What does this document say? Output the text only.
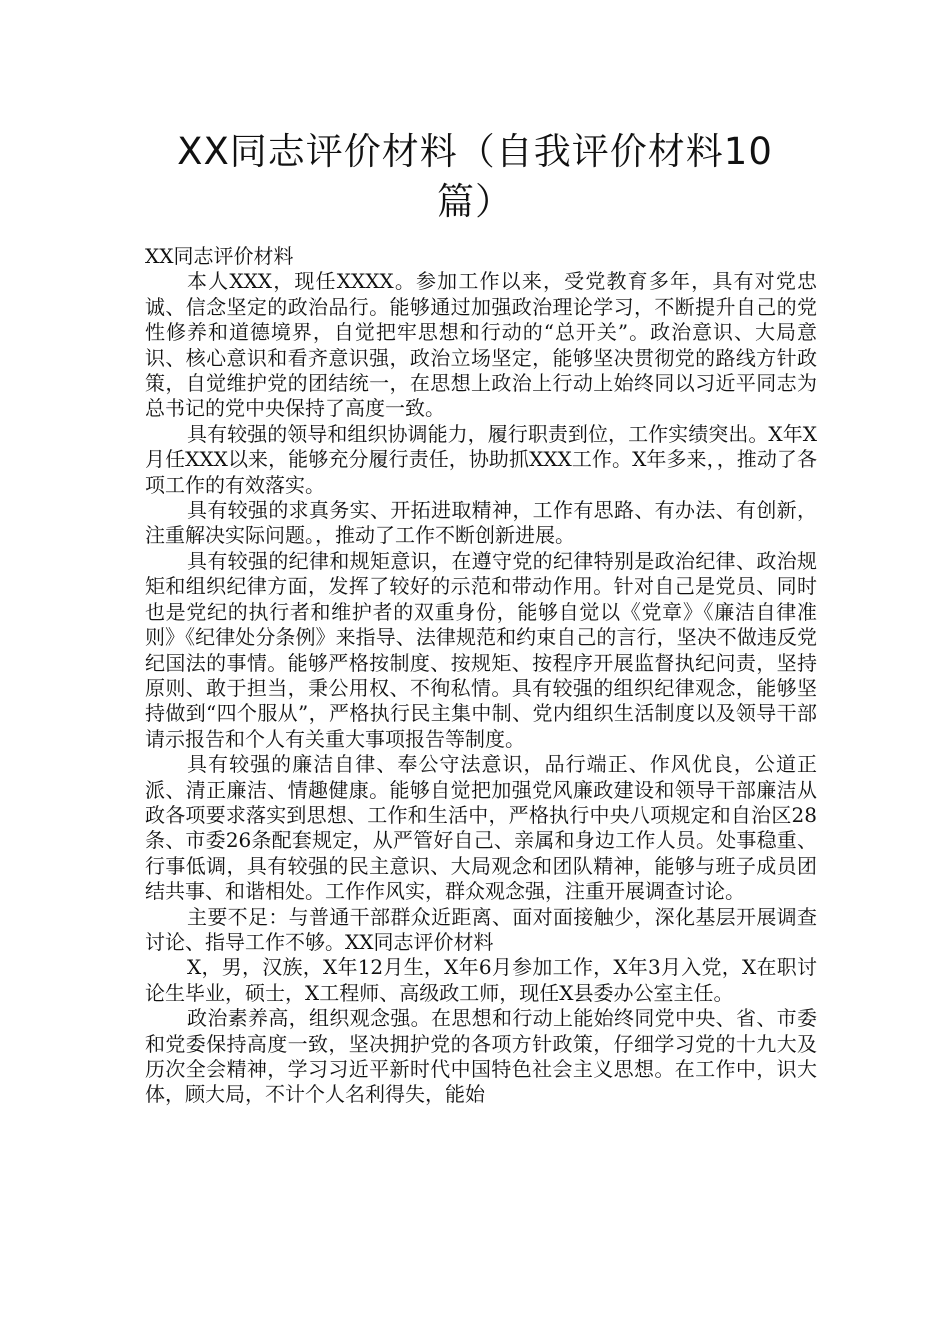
XX同志评价材料（自我评价材料10篇）

XX同志评价材料

本人XXX，现任XXXX。参加工作以来，受党教育多年，具有对党忠诚、信念坚定的政治品行。能够通过加强政治理论学习，不断提升自己的党性修养和道德境界，自觉把牢思想和行动的“总开关”。政治意识、大局意识、核心意识和看齐意识强，政治立场坚定，能够坚决贯彻党的路线方针政策，自觉维护党的团结统一，在思想上政治上行动上始终同以习近平同志为总书记的党中央保持了高度一致。

具有较强的领导和组织协调能力，履行职责到位，工作实绩突出。X年X月任XXX以来，能够充分履行责任，协助抓XXX工作。X年多来，，推动了各项工作的有效落实。

具有较强的求真务实、开拓进取精神，工作有思路、有办法、有创新，注重解决实际问题。，推动了工作不断创新进展。

具有较强的纪律和规矩意识，在遵守党的纪律特别是政治纪律、政治规矩和组织纪律方面，发挥了较好的示范和带动作用。针对自己是党员、同时也是党纪的执行者和维护者的双重身份，能够自觉以《党章》《廉洁自律准则》《纪律处分条例》来指导、法律规范和约束自己的言行，坚决不做违反党纪国法的事情。能够严格按制度、按规矩、按程序开展监督执纪问责，坚持原则、敢于担当，秉公用权、不徇私情。具有较强的组织纪律观念，能够坚持做到“四个服从”，严格执行民主集中制、党内组织生活制度以及领导干部请示报告和个人有关重大事项报告等制度。

具有较强的廉洁自律、奉公守法意识，品行端正、作风优良，公道正派、清正廉洁、情趣健康。能够自觉把加强党风廉政建设和领导干部廉洁从政各项要求落实到思想、工作和生活中，严格执行中央八项规定和自治区28条、市委26条配套规定，从严管好自己、亲属和身边工作人员。处事稳重、行事低调，具有较强的民主意识、大局观念和团队精神，能够与班子成员团结共事、和谐相处。工作作风实，群众观念强，注重开展调查讨论。

主要不足：与普通干部群众近距离、面对面接触少，深化基层开展调查讨论、指导工作不够。XX同志评价材料

X，男，汉族，X年12月生，X年6月参加工作，X年3月入党，X在职讨论生毕业，硕士，X工程师、高级政工师，现任X县委办公室主任。

政治素养高，组织观念强。在思想和行动上能始终同党中央、省、市委和党委保持高度一致，坚决拥护党的各项方针政策，仔细学习党的十九大及历次全会精神，学习习近平新时代中国特色社会主义思想。在工作中，识大体，顾大局，不计个人名利得失，能始
